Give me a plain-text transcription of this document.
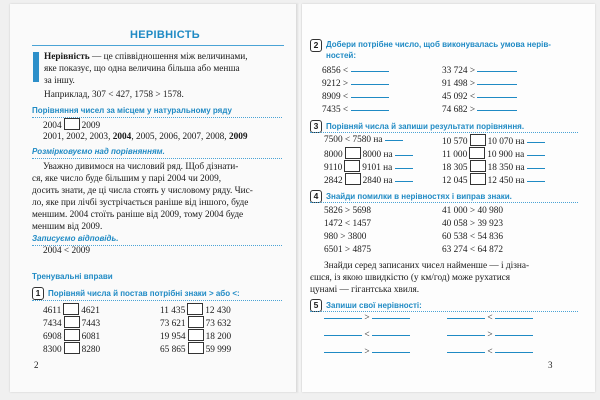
НЕРІВНІСТЬ
Нерівність — це співвідношення між величинами,
яке показує, що одна величина більша або менша
за іншу.
Наприклад, 307 < 427, 1758 > 1578.
Порівняння чисел за місцем у натуральному ряду
2004 2009
2001, 2002, 2003, 2004, 2005, 2006, 2007, 2008, 2009
Розмірковуємо над порівнянням.
Уважно дивимося на числовий ряд. Щоб дізнати-
ся, яке число буде більшим у парі 2004 чи 2009,
досить знати, де ці числа стоять у числовому ряду. Чис-
ло, яке при лічбі зустрічається раніше від іншого, буде
меншим. 2004 стоїть раніше від 2009, тому 2004 буде
меншим від 2009.
Записуємо відповідь.
2004 < 2009
Тренувальні вправи
1 Порівняй числа й постав потрібні знаки > або <:
4611 4621
7434 7443
6908 6081
8300 8280
11 435 12 430
73 621 73 632
19 954 18 200
65 865 59 999
2
2 Добери потрібне число, щоб виконувалась умова нерів-
ностей:
6856 <
9212 >
8909 <
7435 <
33 724 >
91 498 >
45 092 <
74 682 >
3 Порівняй числа й запиши результати порівняння.
7500 < 7580 на
8000 8000 на
9110 9101 на
2842 2840 на
10 570 10 070 на
11 000 10 900 на
18 305 18 350 на
12 045 12 450 на
4 Знайди помилки в нерівностях і виправ знаки.
5826 > 5698
1472 < 1457
980 > 3800
6501 > 4875
41 000 > 40 980
40 058 > 39 923
60 538 < 54 836
63 274 < 64 872
Знайди серед записаних чисел найменше — і дізна-
єшся, із якою швидкістю (у км/год) може рухатися
цунамі — гігантська хвиля.
5 Запиши свої нерівності:
>
<
>
<
>
<
3
